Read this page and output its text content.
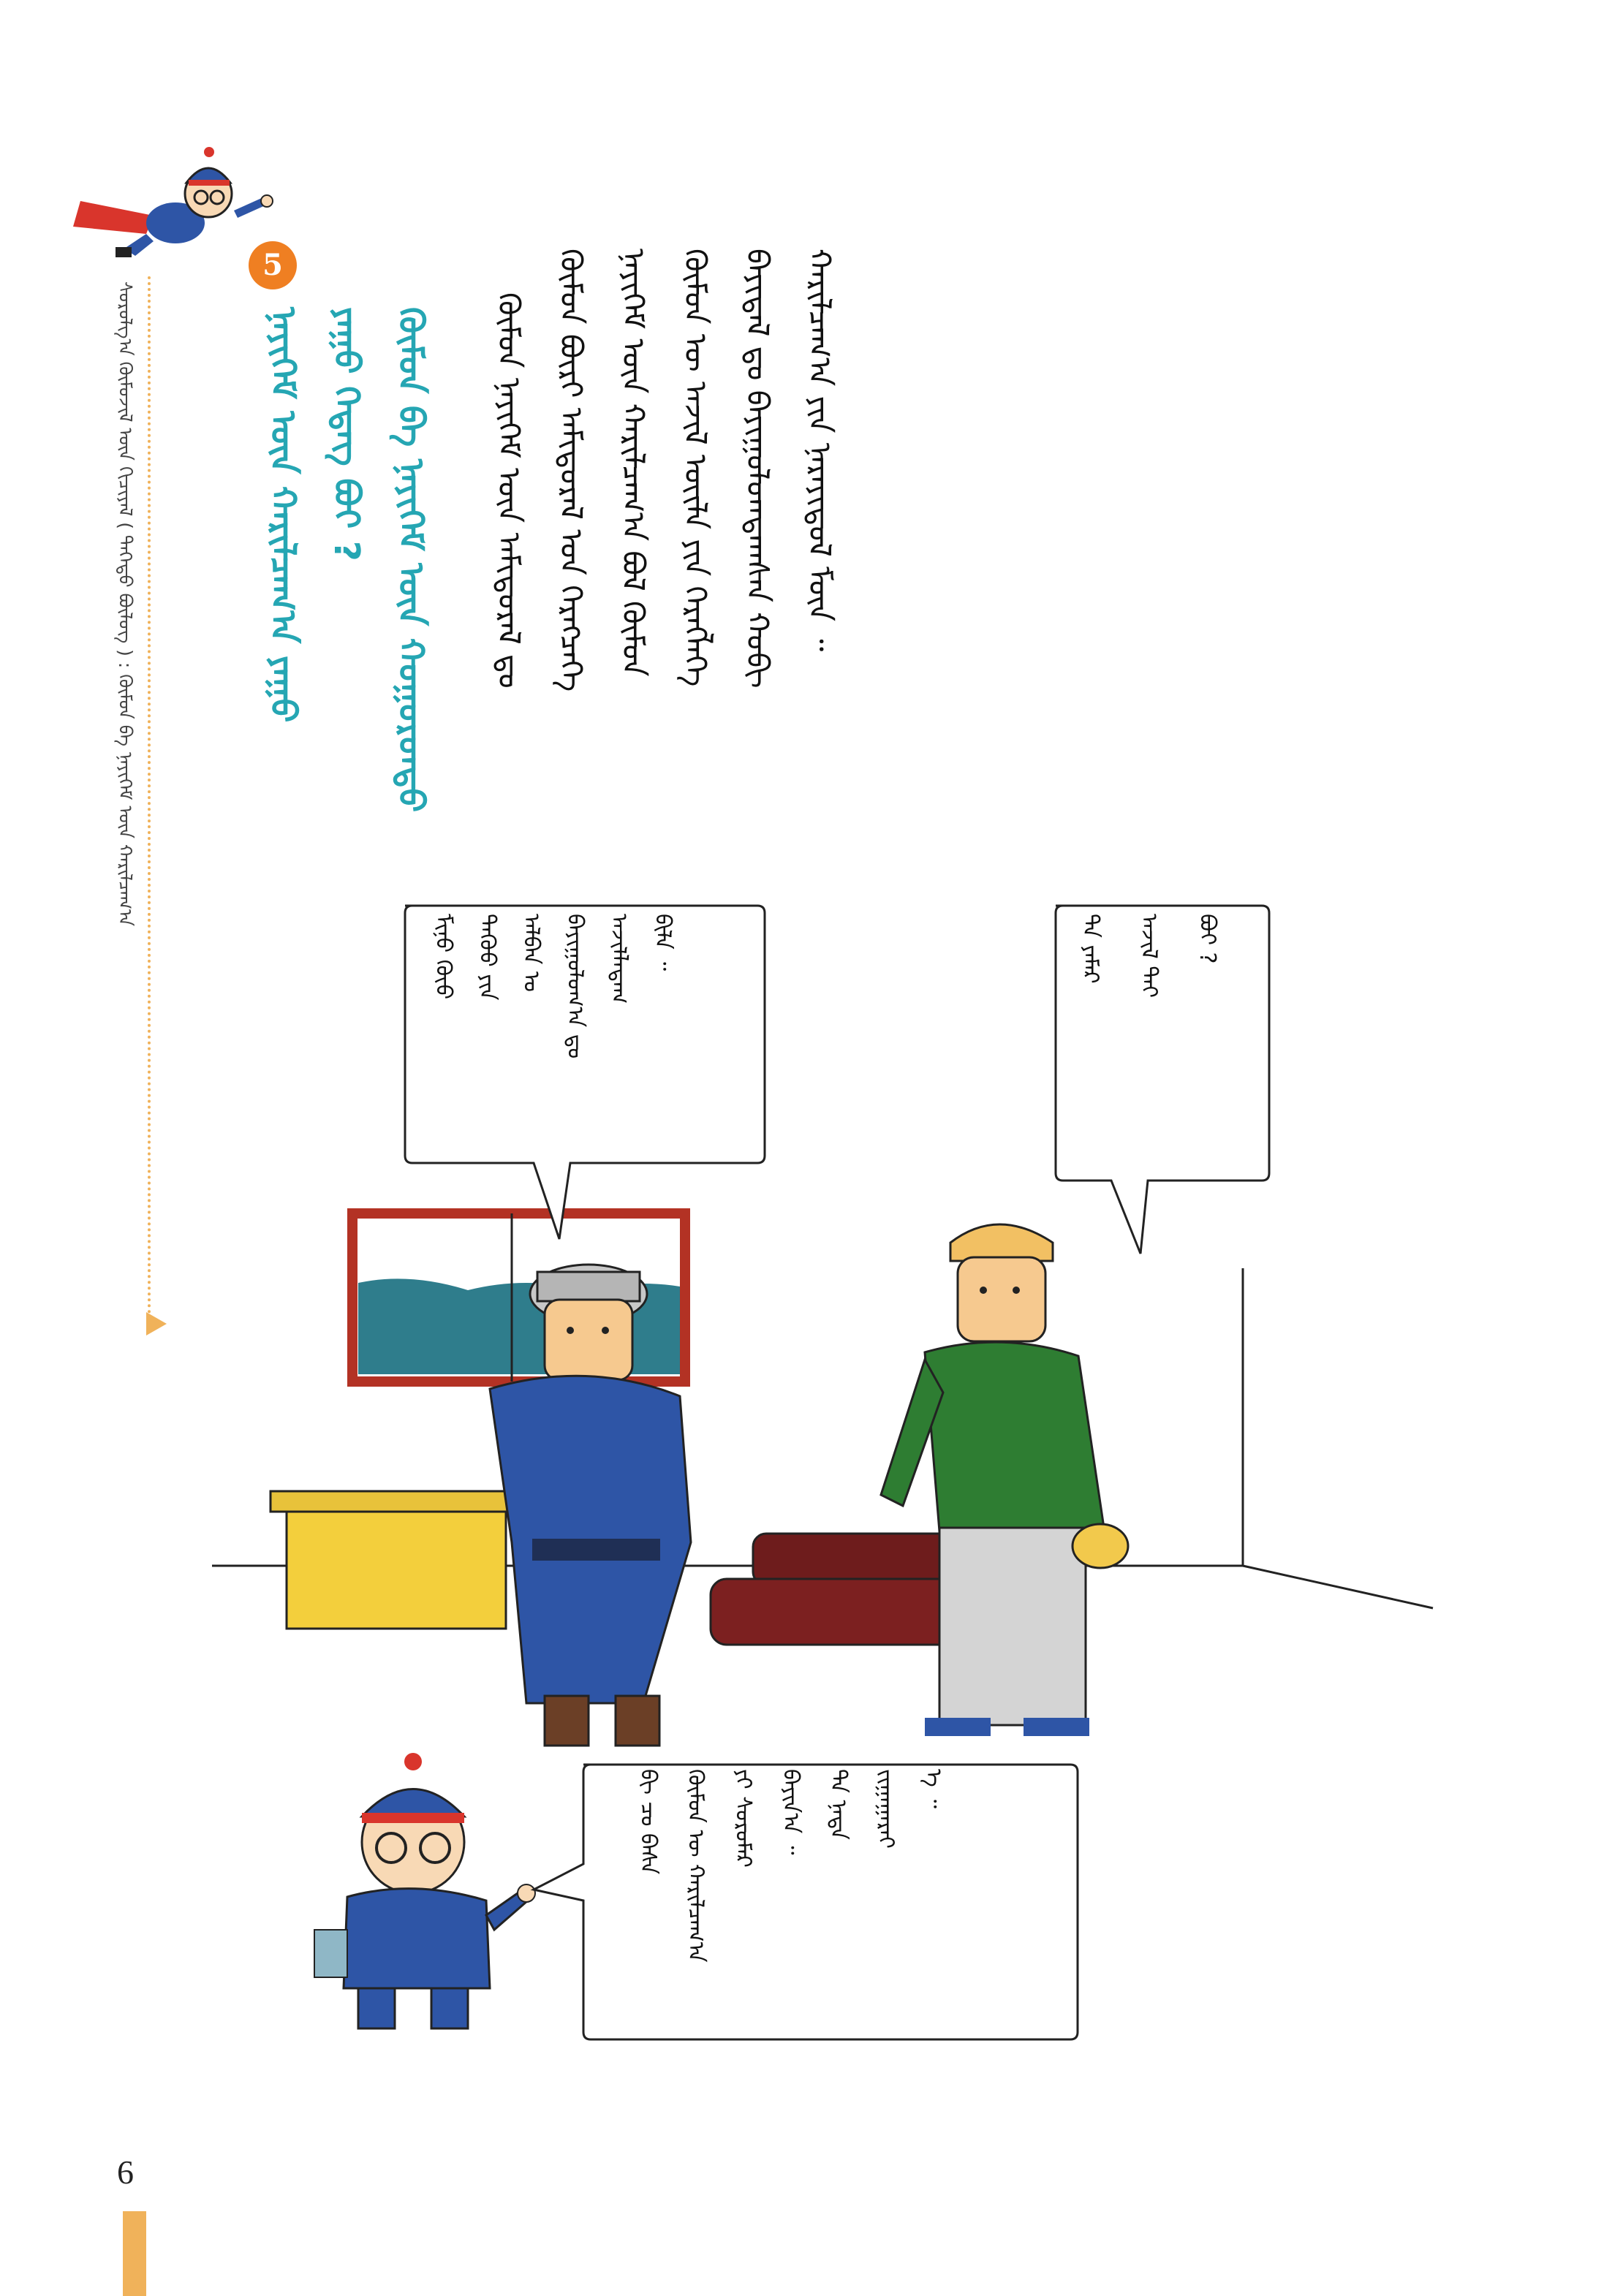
ᠰᠤᠷᠤᠯᠭ᠎ᠠ ᠬᠦᠮᠦᠵᠢᠯ ᠦᠨ ᠬᠢᠴᠢᠶᠡᠯ ( ᠳᠡᠭᠡᠳᠦ ᠪᠦᠯᠦᠭ ) : ᠬᠦᠮᠦᠨ ᠪᠠ ᠨᠡᠶᠢᠭᠡᠮ ᠦᠨ ᠬᠠᠷᠢᠯᠴᠠᠭ᠎ᠠ
5
ᠨᠡᠶᠢᠭᠡᠮ ᠦᠨ ᠬᠠᠷᠢᠯᠴᠠᠭ᠎ᠠ ᠶᠠᠭᠤ ᠶᠠᠭᠤ ᠭᠡᠳᠡᠭ ᠪᠤᠢ ? ᠬᠦᠮᠦᠨ ᠪᠠ ᠨᠡᠶᠢᠭᠡᠮ ᠦᠨ ᠬᠤᠭᠤᠷᠤᠨᠳᠤ	ᠬᠦᠮᠦᠨ ᠨᠡᠶᠢᠭᠡᠮ ᠦᠨ ᠠᠮᠢᠳᠤᠷᠠᠯ ᠳᠤ ᠬᠦᠮᠦᠨ ᠪᠦᠷᠢ ᠠᠮᠢᠳᠤᠷᠠᠯ ᠤᠨ ᠬᠡᠷᠡᠭᠴᠡᠭᠡ ᠨᠡᠶᠢᠭᠡᠮ ᠦᠨ ᠬᠠᠷᠢᠯᠴᠠᠭ᠎ᠠ ᠪᠤᠯ ᠬᠦᠮᠦᠨ ᠬᠦᠮᠦᠨ ᠦ ᠠᠵᠢᠯ ᠦᠢᠯᠡ ᠶᠢᠨ ᠬᠡᠷᠡᠭᠯᠡᠭᠡ ᠪᠠᠶᠢᠳᠠᠯ ᠳᠤ ᠪᠠᠶᠢᠭᠤᠯᠤᠭᠳᠠᠭᠰᠠᠨ ᠬᠤᠪᠢ ᠬᠠᠷᠢᠯᠴᠠᠭ᠎ᠠ ᠶᠢᠨ ᠨᠡᠷᠡᠶᠢᠳᠦᠯ ᠮᠥᠨ ᠃
ᠮᠢᠨᠤ ᠬᠦᠦ ᠳᠡᠭᠦᠦ ᠶᠢᠨ ᠠᠯᠪᠠᠨ ᠤ ᠪᠠᠶᠢᠭᠤᠯᠤᠭ᠎ᠠ ᠳᠤ ᠠᠵᠢᠯᠯᠠᠳᠠᠭ ᠪᠢᠯᠡ ᠃	ᠲᠠ ᠶᠠᠮᠠᠷ	ᠠᠵᠢᠯ ᠲᠠᠢ	ᠪᠤᠢ ?
ᠪᠢ ᠴᠤ ᠪᠠᠰᠠ	ᠬᠦᠮᠦᠨ ᠦ ᠬᠠᠷᠢᠯᠴᠠᠭ᠎ᠠ	ᠶᠢ ᠰᠤᠷᠤᠮᠠᠷ	ᠪᠠᠶᠢᠨ᠎ᠠ ᠃	ᠲᠠ ᠨᠠᠳᠠ	ᠵᠢᠭᠠᠭᠠᠷᠠᠢ	ᠡ ᠃
6
